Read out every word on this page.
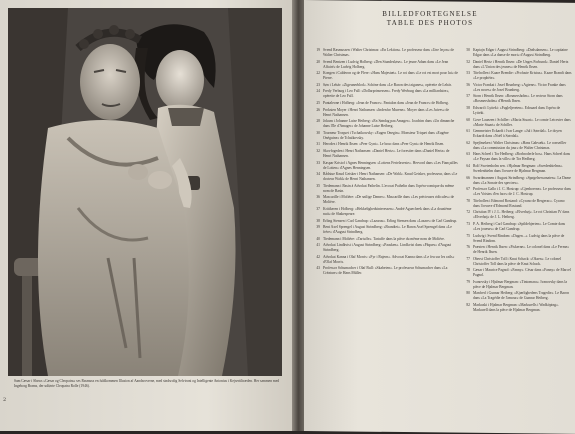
Sam Cæsar i Shaws »Cæsar og Cleopatra« ses Rasmuss en fuldkommen Illusion af Aandsroverne, med sindsrolig Selvironi og Intelligente Antonius i Kejsertiltræden. Her sammen med Ingeborg Brams, der udførte Cleopatra Rolle (1946).
2
BILLEDFORTEGNELSE
TABLE DES PHOTOS
19 Svend Rasmussen i Walter Christmas: »En Lektion«. Le professeur dans »Une leçon« de Walter Christmas.
20 Svend Bentzen i Ludvig Holberg: »Den Stundesløse«. Le jeune Adam dans »Le Jean Affairé« de Ludvig Holberg.
22 Kongen i Calderon og de Flere: »Hans Majestæt«. Le roi dans »Le roi est mort pour lui« de Pierre.
23 Søn i Lehár: »Zigeunerblod«. Schöne dans »Le Baron des tziganes«, opérette de Lehár.
24 Fredy Verburg i Leo Fall: »Dollarprinsessen«. Fredy Werburg dans »La milliardaire«, opérette de Leo Fall.
25 Pantaleone i Holberg: »Jean de France«. Pantalon dans »Jean de France« de Holberg.
26 Proksten Moyer i Henri Nathansen: »Indenfor Murene«. Moyer dans »Les Juives« de Henri Nathansen.
28 Jokum i Johanne Luise Heiberg: »En Søndag paa Amager«. Joachim dans »Un dimanche dans l'île d'Amager« de Johanne Luise Heiberg.
30 Tourneur Troquet i Tschaikowsky: »Eugen Onegin«. Monsieur Triquet dans »Eugène Onéguine« de Tchaïkovsky.
31 Herodes i Henrik Ibsen: »Peer Gynt«. Le bouc dans »Peer Gynt« de Henrik Ibsen.
32 Skovfogeden i Henri Nathansen: »Daniel Hertz«. Le forestier dans »Daniel Hertz« de Henri Nathansen.
33 Kaspar Kristof i Agnes Henningsen: »Lottens Ferielaveste«. Hervord dans »Les Fiançailles de Lotten« d'Agnes Henningsen.
34 Rådstue Knud Geisker i Henri Nathansen: »De Wahl«. Knud Geisker, professeur, dans »Le docteur Wahl« de Henri Nathansen.
35 Tiedemann i Basin à Advokat Pathelin. L'avocat Pathelin dans l'opéra-comique du même nom de Basin.
36 Mascarille i Molière: »De snilige Damer«. Mascarille dans »Les précieuses ridicules« de Molière.
37 Kritikeren i Holberg: »Hekkelighedsinteressen«. André Aguecheek dans »La douzième nuit« de Shakespeare.
38 Erling Stensen i Carl Gandrup: »Lazarus«. Erling Stensen dans »Lazare« de Carl Gandrup.
39 Bent Axel Sprengel i August Strindberg: »Brandtet«. Le Baron Axel Sprengel dans »Le frère« d'August Strindberg.
40 Tiedemann i Molière: »Tartuffe«. Tartuffe dans la pièce du même nom de Molière.
41 Advokat Lindkvist i August Strindberg: »Paasken«. Lindkvist dans »Pâques« d'August Strindberg.
42 Advokat Kanna i Olaf Morris: »Fyr i Rajern«. Advocat Kanna dans »Le feu sur les rails« d'Olaf Morris.
43 Professor Schumacher i Olaf Bull: »Skabeten«. Le professeur Schumacher dans »La Créature« de Hans Müller.
50 Kaptajn Edgar i August Strindberg: »Dødsdansen«. Le capitaine Edgar dans »La danse de mort« d'August Strindberg.
52 Daniel Hertz i Henrik Ibsen: »De Unges Forbund«. Daniel Hertz dans »L'Union des jeunes« de Henrik Ibsen.
53 Titelrollen i Kaare Brendie: »Profuste Kristus«. Kaare Brandt dans »Le prophète«.
56 Victor Frankai i Josef Brunberg: »Agtene«. Victor Franke dans »Les noces« de Josef Brunberg.
57 Storn i Henrik Ibsen: »Rosmersholm«. Le recteur Storn dans »Rosmersholm« d'Henrik Ibsen.
58 Edward i Lytteki: »Fugleljereten«. Edouard dans l'opéra de Lytteki.
60 Gove Lauezen i Schiller: »Maria Stuart«. Le comte Leicester dans »Marie Stuart« de Schiller.
61 Gemmeister Eckardt i Ivar Lange: »Jul i Sørrdal«. Le doyen Eckardt dans »Noël à Sørrdal«.
62 Spejlmeken i Walter Christmas: »Hans Gabvæk«. Le conseiller dans »La commission du jour« de Walter Christmas.
63 Hans Scheel i Tor Hedberg: »Borbroderle hos«. Hans Scheel dans »Le Paysan dans la ville« de Tor Hedberg.
64 Rolf Swetenholm sen. i Hjalmar Bergman: »Swedenhielms«. Swedenhielm dans l'oeuvre de Hjalmar Bergman.
66 Swardmannen i August Strindberg: »Spøgelsessonaten«. La Dame dans »La Sonate des spectres«.
67 Professor Gallo i J. C. Hostrup: »Gjenboerne«. Le professeur dans »Les Voisins d'en face« de J. C. Hostrup.
70 Titelrollen i Edmond Rostand: »Cyrano de Bergerac«. Cyrano dans l'oeuvre d'Edmond Rostand.
72 Christian IV i J. L. Heiberg: »Elverhøj«. Le roi Christian IV dans »Elverhøj« de J. L. Heiberg.
73 P. A. Heiberg i Carl Gandrup: »Spildehjerten«. Le Comte dans »Les joueurs« de Carl Gandrup.
75 Ludwig i Svend Rindom: »Dagen...«. Ludvig dans la pièce de Svend Rindom.
76 Præsten i Henrik Ibsen: »Fiskerne«. Le colonel dans »Le Ferme« de Henrik Ibsen.
77 Oberst Christoffer Toll i Knut Schack: »Oksen«. Le colonel Christoffer Toll dans la pièce de Knut Schack.
78 Cæsar i Maurice Pagnol: »Fanny«. César dans »Fanny« de Marcel Pagnol.
79 Ivanovsky i Hjalmar Bergman: »Tintomara«. Ivanovsky dans la pièce de Hjalmar Bergman.
80 Manfred i Gunnar Heiberg: »Kjærlighedens Tragedie«. Le Baron dans »La Tragédie de l'amour« de Gunnar Heiberg.
82 Markuski i Hjalmar Bergman: »Markurells i Wadköping«. Markurell dans la pièce de Hjalmar Bergman.
